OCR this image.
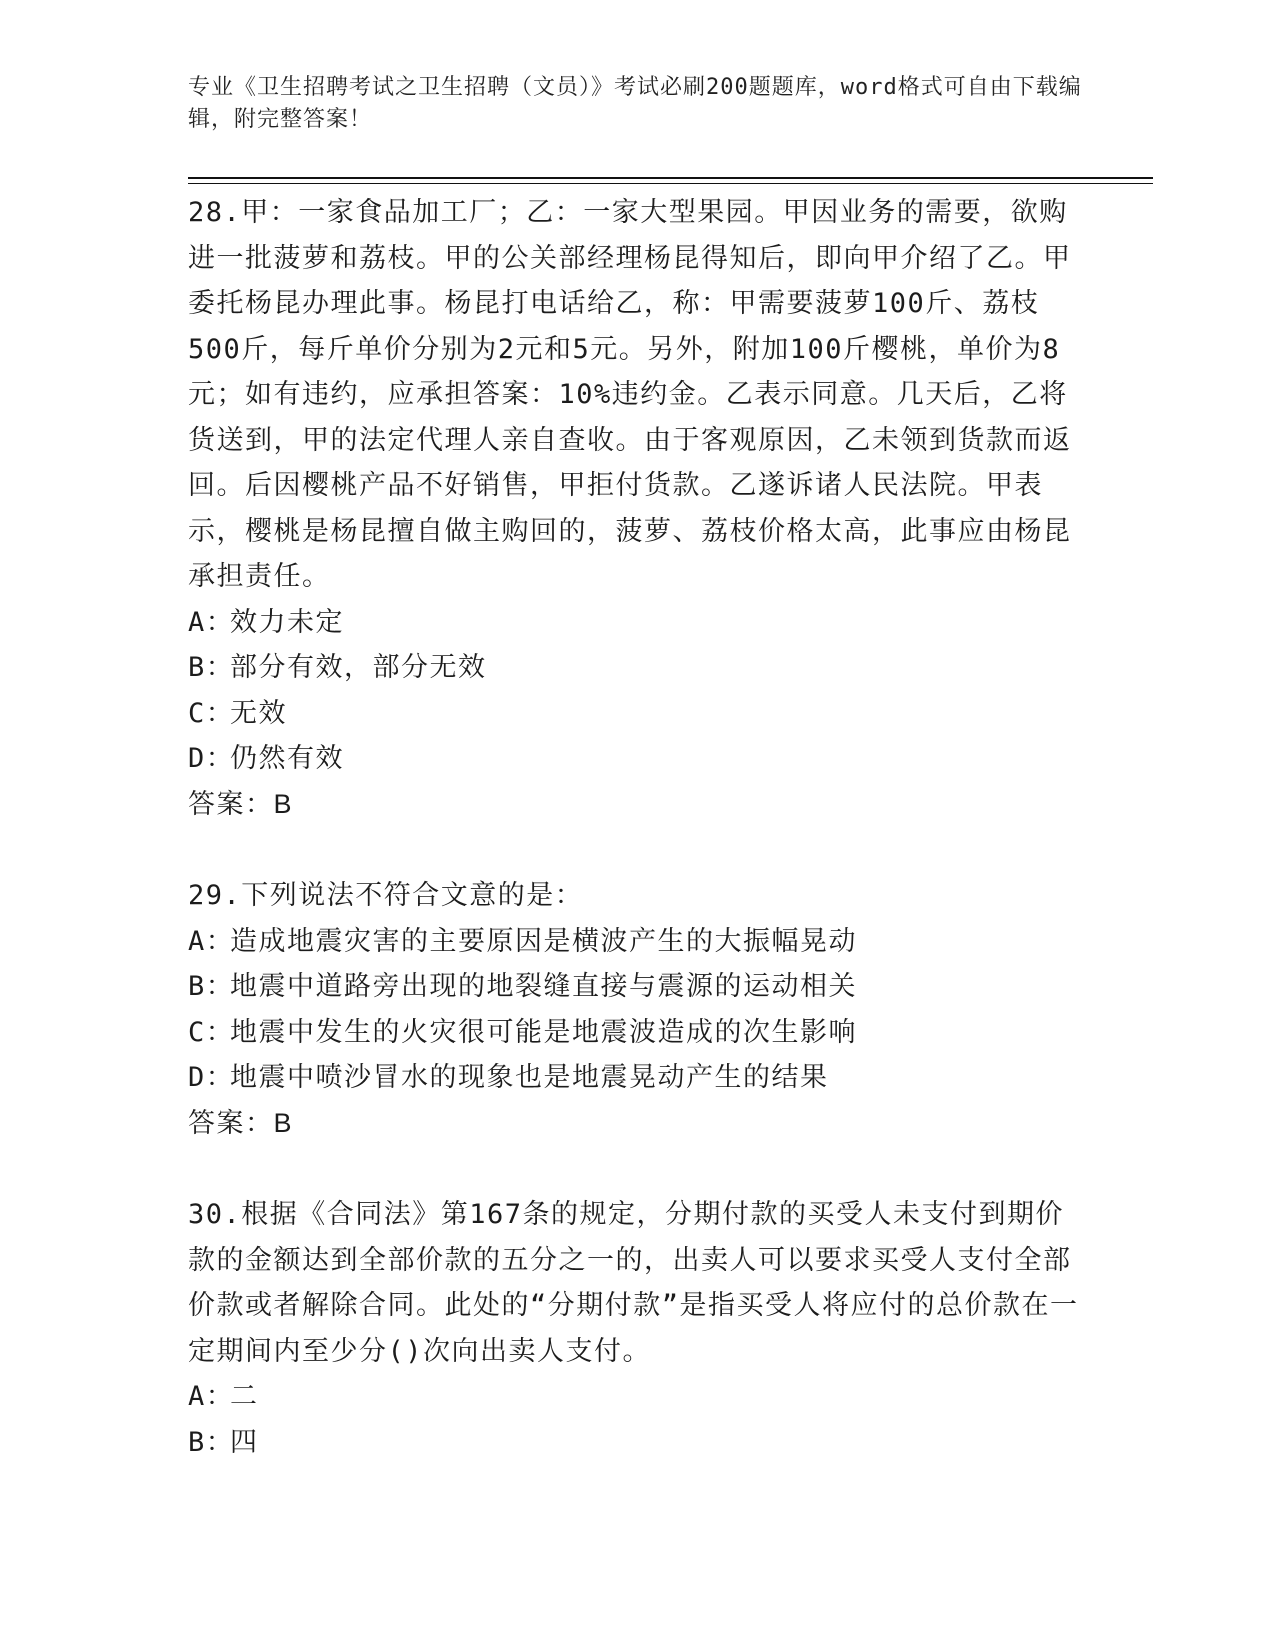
专业《卫生招聘考试之卫生招聘（文员）》考试必刷200题题库，word格式可自由下载编辑，附完整答案！

28.甲：一家食品加工厂；乙：一家大型果园。甲因业务的需要，欲购进一批菠萝和荔枝。甲的公关部经理杨昆得知后，即向甲介绍了乙。甲委托杨昆办理此事。杨昆打电话给乙，称：甲需要菠萝100斤、荔枝500斤，每斤单价分别为2元和5元。另外，附加100斤樱桃，单价为8元；如有违约，应承担答案：10%违约金。乙表示同意。几天后，乙将货送到，甲的法定代理人亲自查收。由于客观原因，乙未领到货款而返回。后因樱桃产品不好销售，甲拒付货款。乙遂诉诸人民法院。甲表示，樱桃是杨昆擅自做主购回的，菠萝、荔枝价格太高，此事应由杨昆承担责任。

A：
效力未定
B：
部分有效，部分无效
C：
无效
D：
仍然有效

答案：B

29.下列说法不符合文意的是：

A：
造成地震灾害的主要原因是横波产生的大振幅晃动
B：
地震中道路旁出现的地裂缝直接与震源的运动相关
C：
地震中发生的火灾很可能是地震波造成的次生影响
D：
地震中喷沙冒水的现象也是地震晃动产生的结果

答案：B

30.根据《合同法》第167条的规定，分期付款的买受人未支付到期价款的金额达到全部价款的五分之一的，出卖人可以要求买受人支付全部价款或者解除合同。此处的“分期付款”是指买受人将应付的总价款在一定期间内至少分()次向出卖人支付。

A：
二
B：
四
